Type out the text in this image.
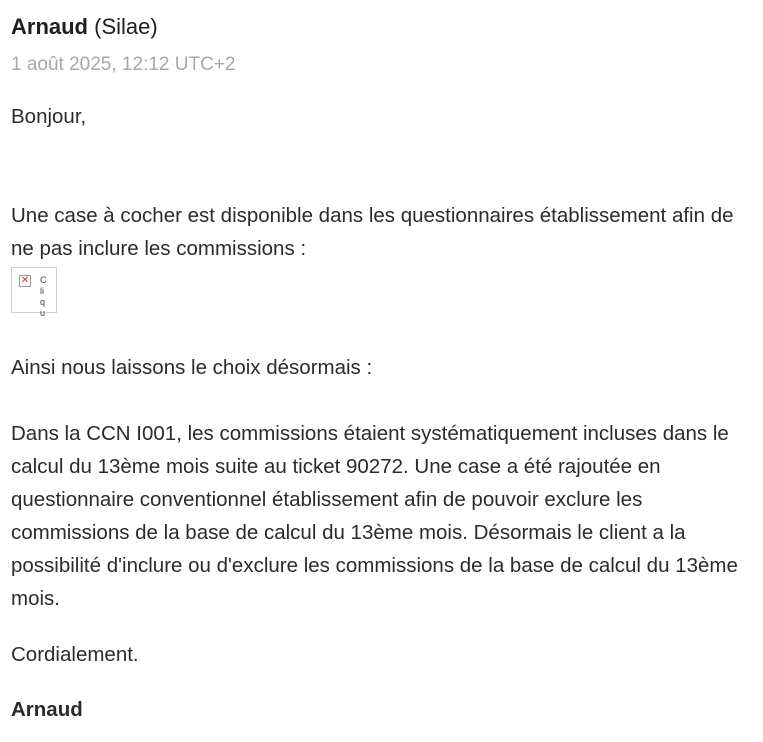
Arnaud (Silae)
1 août 2025, 12:12 UTC+2

Bonjour,

Une case à cocher est disponible dans les questionnaires établissement afin de ne pas inclure les commissions :

✕ Cliqu

Ainsi nous laissons le choix désormais :

Dans la CCN I001, les commissions étaient systématiquement incluses dans le calcul du 13ème mois suite au ticket 90272. Une case a été rajoutée en questionnaire conventionnel établissement afin de pouvoir exclure les commissions de la base de calcul du 13ème mois. Désormais le client a la possibilité d'inclure ou d'exclure les commissions de la base de calcul du 13ème mois.

Cordialement.

Arnaud
